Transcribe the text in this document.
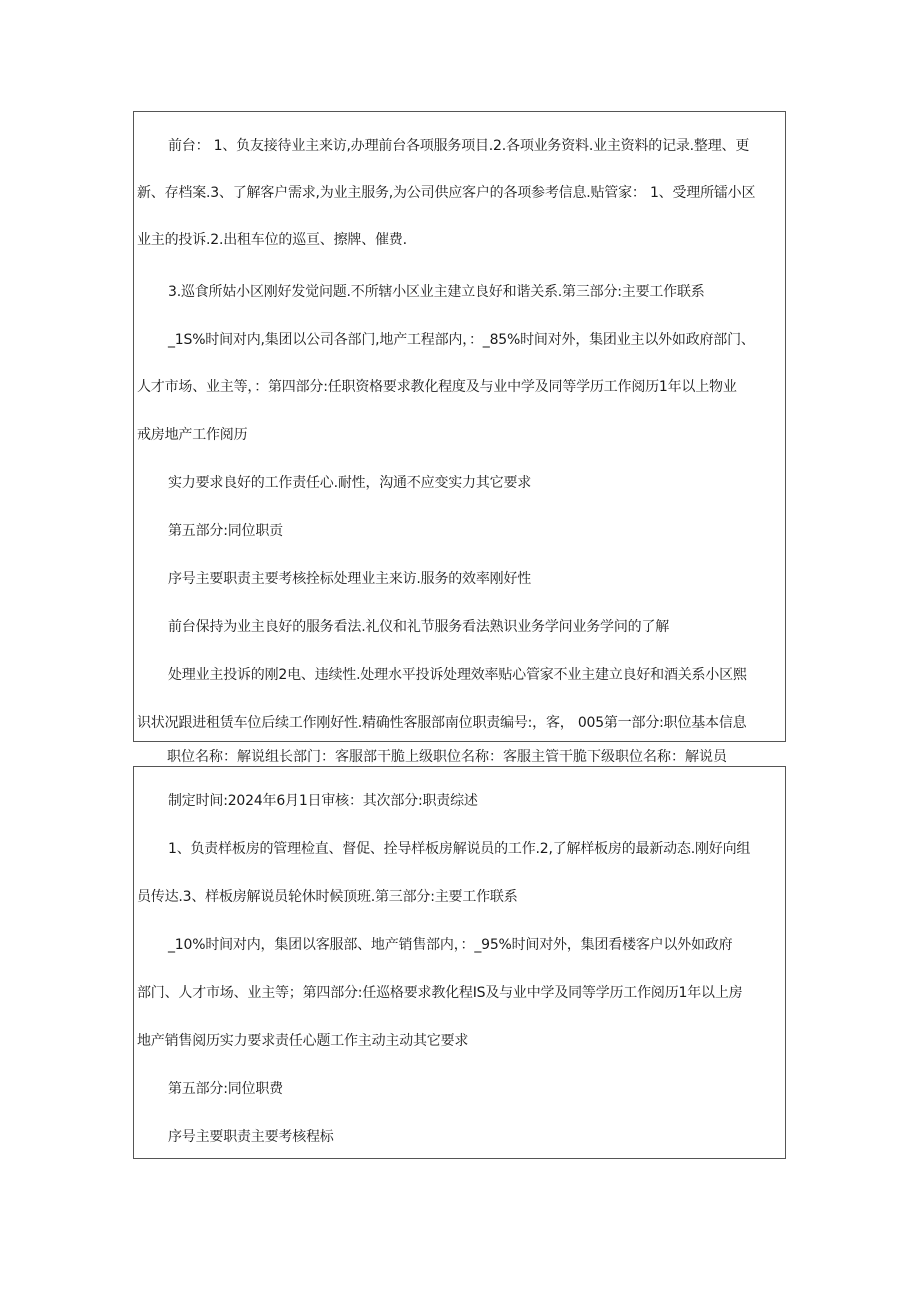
前台： 1、负友接待业主来访,办理前台各项服务项目.2.各项业务资料.业主资料的记录.整理、更

新、存档案.3、了解客户需求,为业主服务,为公司供应客户的各项参考信息.贴管家： 1、受理所镭小区

业主的投诉.2.出租车位的巡亘、擦牌、催费.

3.巡食所姑小区刚好发觉问题.不所辖小区业主建立良好和谐关系.第三部分:主要工作联系

_1S%时间对内,集团以公司各部门,地产工程部内，：_85%时间对外，集团业主以外如政府部门、

人才市场、业主等，：第四部分:任职资格要求教化程度及与业中学及同等学历工作阅历1年以上物业

戒房地产工作阅历

实力要求良好的工作责任心.耐性，沟通不应变实力其它要求

第五部分:同位职贡

序号主要职责主要考核拴标处理业主来访.服务的效率刚好性

前台保持为业主良好的服务看法.礼仪和礼节服务看法熟识业务学问业务学问的了解

处理业主投诉的刚2电、违续性.处理水平投诉处理效率贴心管家不业主建立良好和酒关系小区熙

识状况跟进租赁车位后续工作刚好性.精确性客服部南位职责编号:，客， 005第一部分:职位基本信息

职位名称：解说组长部门：客服部干脆上级职位名称：客服主管干脆下级职位名称：解说员

制定时间:2024年6月1日审核：其次部分:职责综述

1、负责样板房的管理检直、督促、拴导样板房解说员的工作.2,了解样板房的最新动态.刚好向组

员传达.3、样板房解说员轮休时候顶班.第三部分:主要工作联系

_10%时间对内，集团以客服部、地产销售部内，：_95%时间对外，集团看楼客户以外如政府

部门、人才市场、业主等；第四部分:任巡格要求教化程IS及与业中学及同等学历工作阅历1年以上房

地产销售阅历实力要求责任心题工作主动主动其它要求

第五部分:同位职费

序号主要职责主要考核程标
